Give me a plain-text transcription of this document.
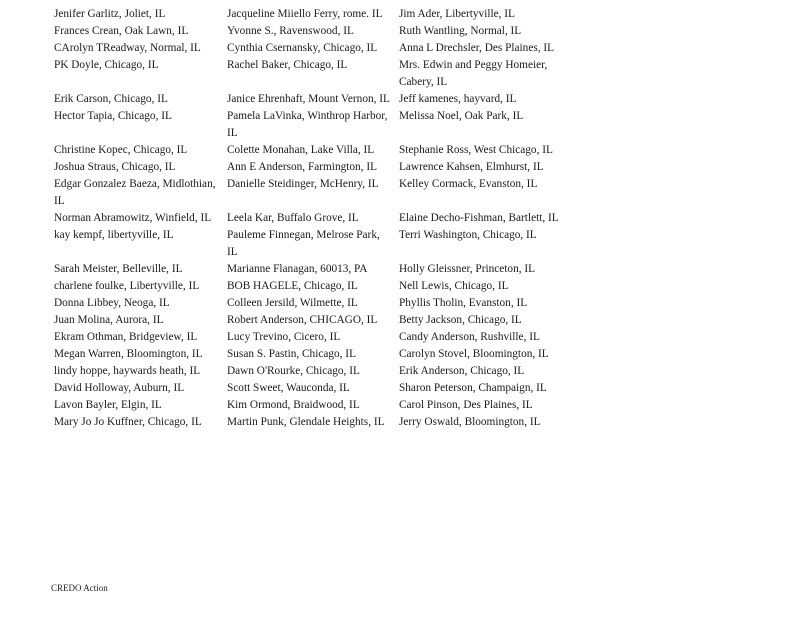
Jenifer Garlitz, Joliet, IL	Jacqueline Miiello Ferry, rome. IL	Jim Ader, Libertyville, IL

Frances Crean, Oak Lawn, IL	Yvonne S., Ravenswood, IL	Ruth Wantling, Normal, IL

CArolyn TReadway, Normal, IL	Cynthia Csernansky, Chicago, IL	Anna L Drechsler, Des Plaines, IL

PK Doyle, Chicago, IL	Rachel Baker, Chicago, IL	Mrs. Edwin and Peggy Homeier, Cabery, IL

Erik Carson, Chicago, IL	Janice Ehrenhaft, Mount Vernon, IL	Jeff kamenes, hayvard, IL

Hector Tapia, Chicago, IL	Pamela LaVinka, Winthrop Harbor, IL	Melissa Noel, Oak Park, IL

Christine Kopec, Chicago, IL	Colette Monahan, Lake Villa, IL	Stephanie Ross, West Chicago, IL

Joshua Straus, Chicago, IL	Ann E Anderson, Farmington, IL	Lawrence Kahsen, Elmhurst, IL

Edgar Gonzalez Baeza, Midlothian, IL	Danielle Steidinger, McHenry, IL	Kelley Cormack, Evanston, IL

Norman Abramowitz, Winfield, IL	Leela Kar, Buffalo Grove, IL	Elaine Decho-Fishman, Bartlett, IL

kay kempf, libertyville, IL	Pauleme Finnegan, Melrose Park, IL	Terri Washington, Chicago, IL

Sarah Meister, Belleville, IL	Marianne Flanagan, 60013, PA	Holly Gleissner, Princeton, IL

charlene foulke, Libertyville, IL	BOB HAGELE, Chicago, IL	Nell Lewis, Chicago, IL

Donna Libbey, Neoga, IL	Colleen Jersild, Wilmette, IL	Phyllis Tholin, Evanston, IL

Juan Molina, Aurora, IL	Robert Anderson, CHICAGO, IL	Betty Jackson, Chicago, IL

Ekram Othman, Bridgeview, IL	Lucy Trevino, Cicero, IL	Candy Anderson, Rushville, IL

Megan Warren, Bloomington, IL	Susan S. Pastin, Chicago, IL	Carolyn Stovel, Bloomington, IL

lindy hoppe, haywards heath, IL	Dawn O'Rourke, Chicago, IL	Erik Anderson, Chicago, IL

David Holloway, Auburn, IL	Scott Sweet, Wauconda, IL	Sharon Peterson, Champaign, IL

Lavon Bayler, Elgin, IL	Kim Ormond, Braidwood, IL	Carol Pinson, Des Plaines, IL

Mary Jo Jo Kuffner, Chicago, IL	Martin Punk, Glendale Heights, IL	Jerry Oswald, Bloomington, IL
CREDO Action
